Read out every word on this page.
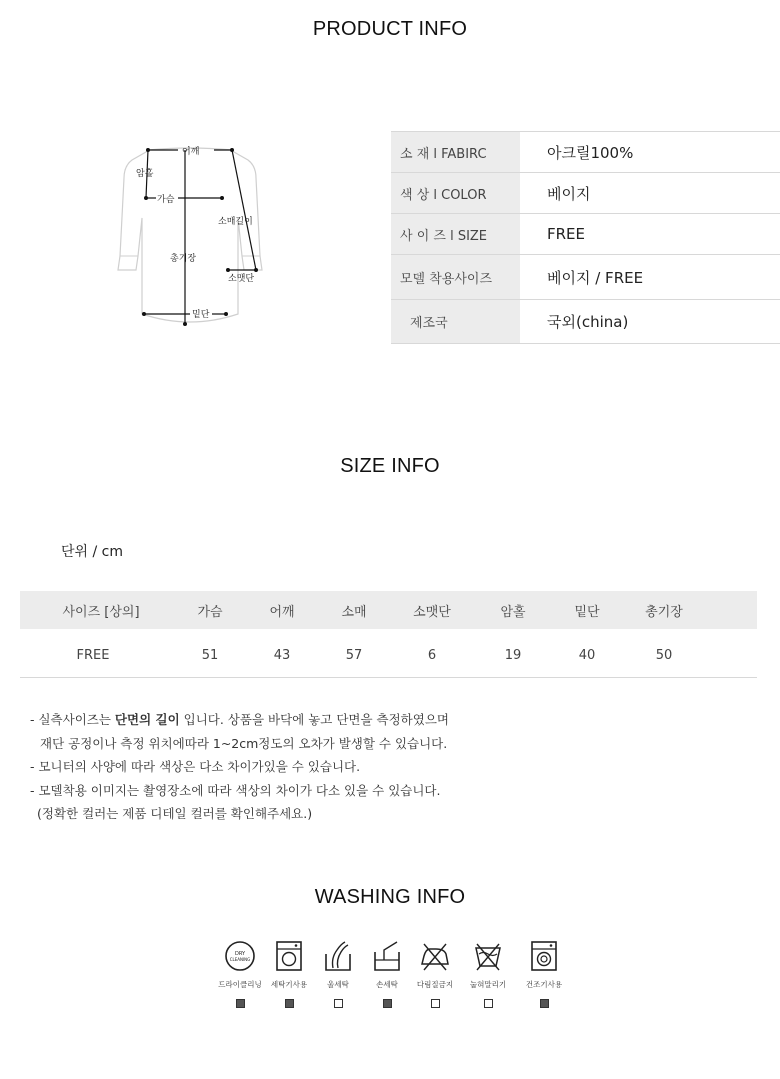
PRODUCT INFO
어깨
암홀
가슴
소매길이
총기장
소맷단
밑단
소 재 l FABIRC	아크릴100%
색 상 l COLOR	베이지
사 이 즈 l SIZE	FREE
모델 착용사이즈	베이지 / FREE
제조국	국외(china)
SIZE INFO
단위 / cm
사이즈 [상의]	가슴	어깨	소매	소맷단	암홀	밑단	총기장
FREE	51	43	57	6	19	40	50
- 실측사이즈는 단면의 길이 입니다. 상품을 바닥에 놓고 단면을 측정하였으며
재단 공정이나 측정 위치에따라 1~2cm정도의 오차가 발생할 수 있습니다.
- 모니터의 사양에 따라 색상은 다소 차이가있을 수 있습니다.
- 모델착용 이미지는 촬영장소에 따라 색상의 차이가 다소 있을 수 있습니다.
(정확한 컬러는 제품 디테일 컬러를 확인해주세요.)
WASHING INFO
DRY
CLEANING
드라이클리닝	세탁기사용	울세탁	손세탁	다림질금지	눕혀말리기	건조기사용
